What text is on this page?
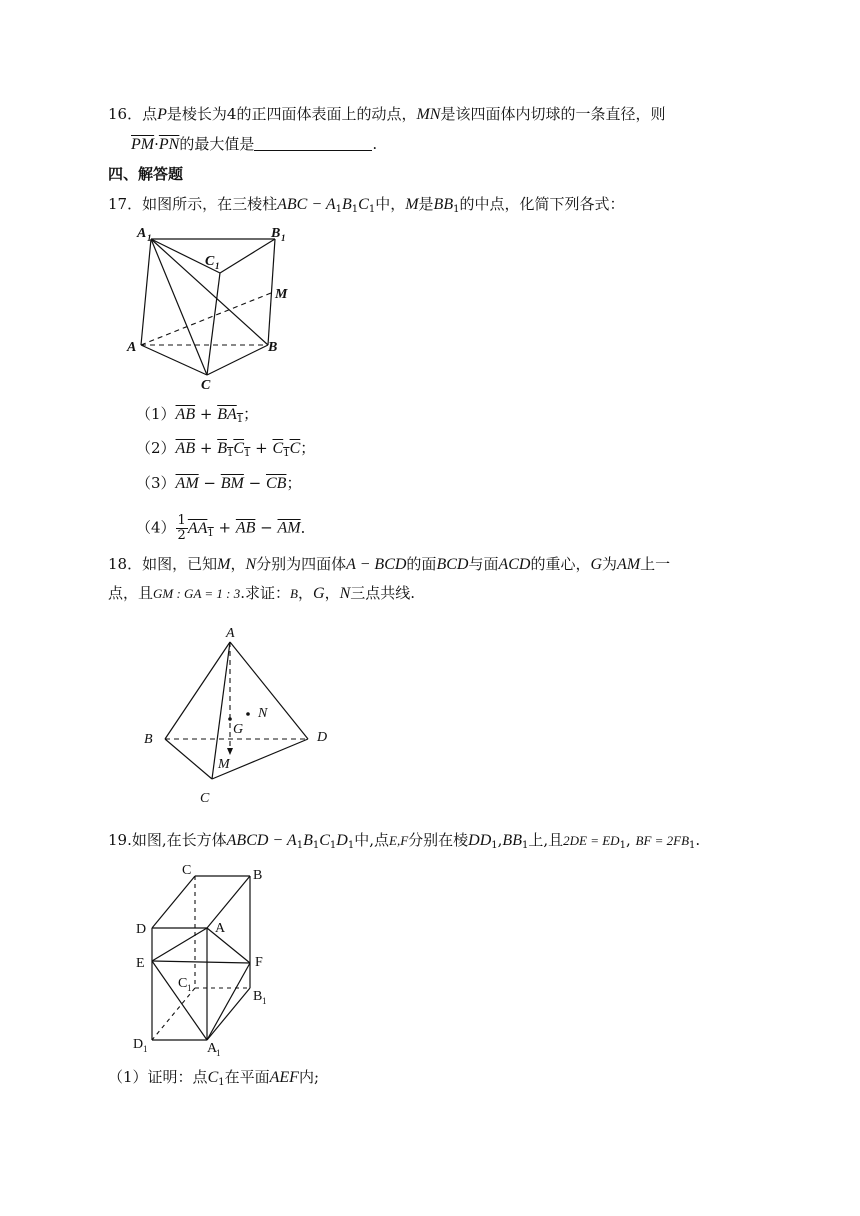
16．点P是棱长为4的正四面体表面上的动点，MN是该四面体内切球的一条直径，则
$\overline{PM}\cdot\overline{PN}$的最大值是	.
四、解答题
17．如图所示，在三棱柱ABC − $A_1B_1C_1$中，M是$BB_1$的中点，化简下列各式：
A 1	B 1
C 1
M
A	B
C
$(1)\overline{AB} + BA_1$；
$(2)\overline{AB} + B_1C_1 + C_1C$；
$(3)\overline{AM} - \overline{BM} - \overline{CB}$；
$(4) \frac{1}{2}AA_1 + \overline{AB} - \overline{AM}$．
18．如图，已知M，N分别为四面体A − BCD的面BCD与面ACD的重心，G为AM上一
点，且GM : GA = 1 : 3.求证：B，G，N三点共线.
A
B	D
C
G
N
M
19.如图,在长方体ABCD − $A_1B_1C_1D_1$中,点E,F分别在棱$DD_1,BB_1$上,且$2DE = ED_1$, BF = $2FB_1$.
C	B
D	A
E	F
C 1
B 1
D 1	A
1
（1）证明：点$C_1$在平面AEF内;
